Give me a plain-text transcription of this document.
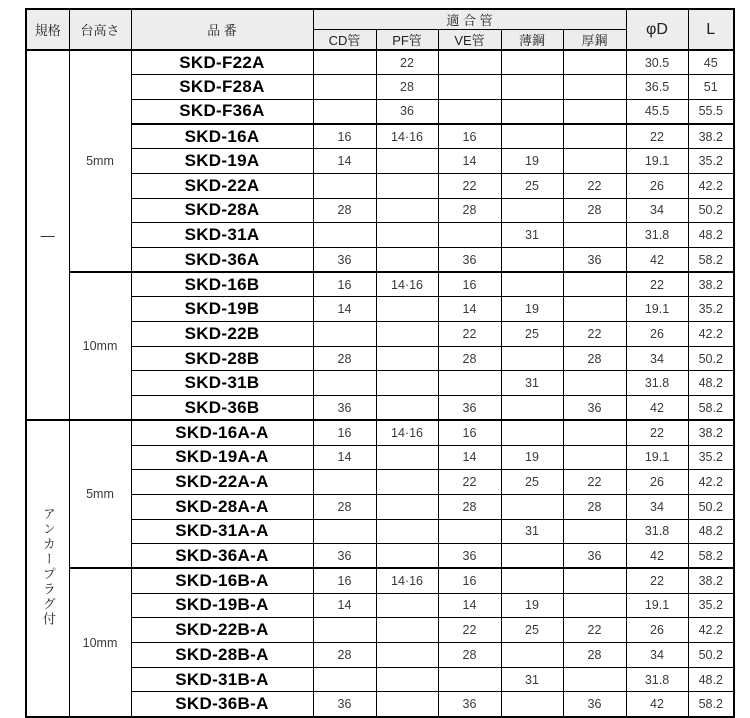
規格	台高さ	品 番	適 合 管					φD	L
			CD管	PF管	VE管	薄鋼	厚鋼		
—	5mm	SKD-F22A		22				30.5	45
		SKD-F28A		28				36.5	51
		SKD-F36A		36				45.5	55.5
		SKD-16A	16	14·16	16			22	38.2
		SKD-19A	14		14	19		19.1	35.2
		SKD-22A			22	25	22	26	42.2
		SKD-28A	28		28		28	34	50.2
		SKD-31A				31		31.8	48.2
		SKD-36A	36		36		36	42	58.2
	10mm	SKD-16B	16	14·16	16			22	38.2
		SKD-19B	14		14	19		19.1	35.2
		SKD-22B			22	25	22	26	42.2
		SKD-28B	28		28		28	34	50.2
		SKD-31B				31		31.8	48.2
		SKD-36B	36		36		36	42	58.2
アンカープラグ付	5mm	SKD-16A-A	16	14·16	16			22	38.2
		SKD-19A-A	14		14	19		19.1	35.2
		SKD-22A-A			22	25	22	26	42.2
		SKD-28A-A	28		28		28	34	50.2
		SKD-31A-A				31		31.8	48.2
		SKD-36A-A	36		36		36	42	58.2
	10mm	SKD-16B-A	16	14·16	16			22	38.2
		SKD-19B-A	14		14	19		19.1	35.2
		SKD-22B-A			22	25	22	26	42.2
		SKD-28B-A	28		28		28	34	50.2
		SKD-31B-A				31		31.8	48.2
		SKD-36B-A	36		36		36	42	58.2
